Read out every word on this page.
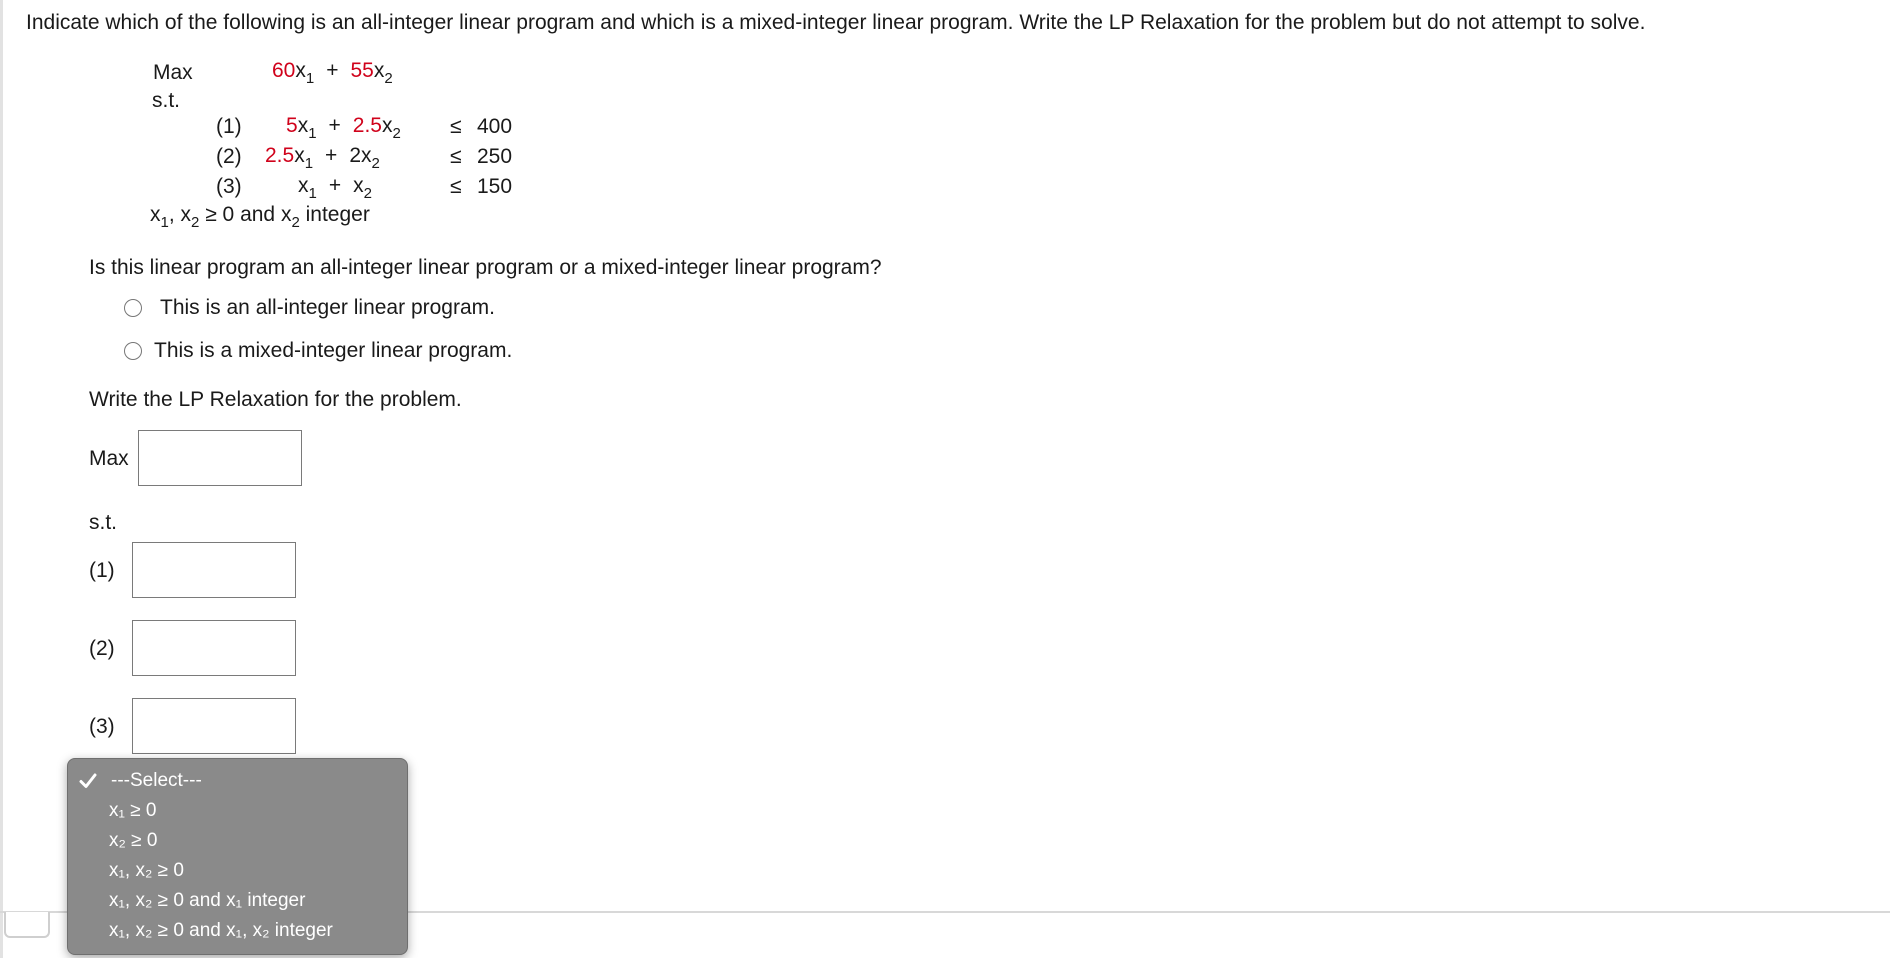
Indicate which of the following is an all-integer linear program and which is a mixed-integer linear program. Write the LP Relaxation for the problem but do not attempt to solve.
Max
s.t.
$60x_1 + 55x_2$
(1) $5x_1 + 2.5x_2 \le 400$
(2) $2.5x_1 + 2x_2$	≤ 250
(3)	$x_1 + x_2$	≤ 150
$x_1$, $x_2 \ge 0$ and $x_2$ integer
Is this linear program an all-integer linear program or a mixed-integer linear program?
This is an all-integer linear program.
This is a mixed-integer linear program.
Write the LP Relaxation for the problem.
Max
s.t.
(1)
(2)
(3)
---Select---
x₁ ≥ 0
x₂ ≥ 0
x₁, x₂ ≥ 0
x₁, x₂ ≥ 0 and x₁ integer
x₁, x₂ ≥ 0 and x₁, x₂ integer
